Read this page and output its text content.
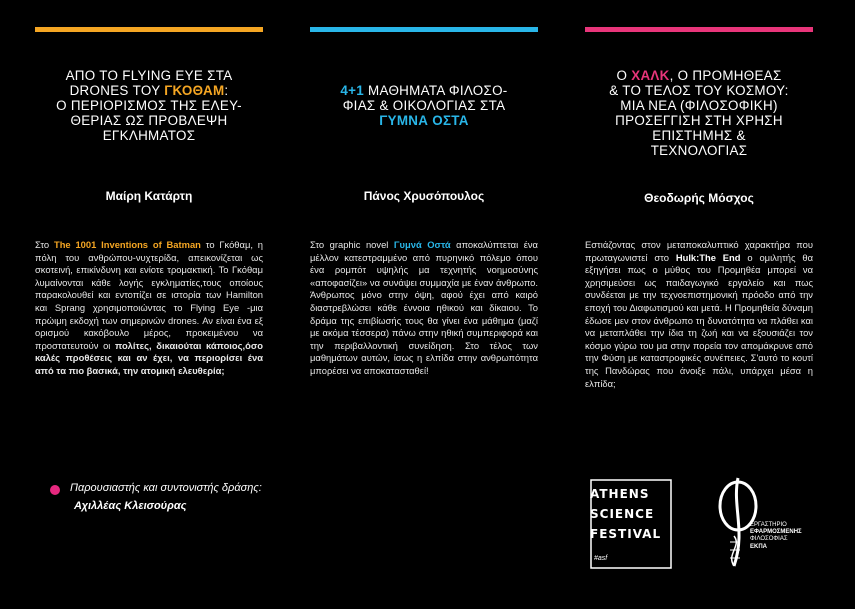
ΑΠΟ ΤΟ FLYING EYE ΣΤΑ
DRONES ΤΟΥ ΓΚΟΘΑΜ:
Ο ΠΕΡΙΟΡΙΣΜΟΣ ΤΗΣ ΕΛΕΥ-
ΘΕΡΙΑΣ ΩΣ ΠΡΟΒΛΕΨΗ
ΕΓΚΛΗΜΑΤΟΣ
Μαίρη Κατάρτη
Στο The 1001 Inventions of Batman το Γκόθαμ, η πόλη του ανθρώπου-νυχτερίδα, απεικονίζεται ως σκοτεινή, επικίνδυνη και ενίοτε τρομακτική. Το Γκόθαμ λυμαίνονται κάθε λογής εγκληματίες,τους οποίους παρακολουθεί και εντοπίζει σε ιστορία των Hamilton και Sprang χρησιμοποιώντας το Flying Eye -μια πρώιμη εκδοχή των σημερινών drones. Αν είναι ένα εξ ορισμού κακόβουλο μέρος, προκειμένου να προστατευτούν οι πολίτες, δικαιούται κάποιος,όσο καλές προθέσεις και αν έχει, να περιορίσει ένα από τα πιο βασικά, την ατομική ελευθερία;
4+1 ΜΑΘΗΜΑΤΑ ΦΙΛΟΣΟ-
ΦΙΑΣ & ΟΙΚΟΛΟΓΙΑΣ ΣΤΑ
ΓΥΜΝΑ ΟΣΤΑ
Πάνος Χρυσόπουλος
Στο graphic novel Γυμνά Οστά αποκαλύπτεται ένα μέλλον κατεστραμμένο από πυρηνικό πόλεμο όπου ένα ρομπότ υψηλής μα τεχνητής νοημοσύνης «αποφασίζει» να συνάψει συμμαχία με έναν άνθρωπο. Άνθρωπος μόνο στην όψη, αφού έχει από καιρό διαστρεβλώσει κάθε έννοια ηθικού και δίκαιου. Το δράμα της επιβίωσής τους θα γίνει ένα μάθημα (μαζί με ακόμα τέσσερα) πάνω στην ηθική συμπεριφορά και την περιβαλλοντική συνείδηση. Στο τέλος των μαθημάτων αυτών, ίσως η ελπίδα στην ανθρωπότητα μπορέσει να αποκατασταθεί!
Ο ΧΑΛΚ, Ο ΠΡΟΜΗΘΕΑΣ
& ΤΟ ΤΕΛΟΣ ΤΟΥ ΚΟΣΜΟΥ:
ΜΙΑ ΝΕΑ (ΦΙΛΟΣΟΦΙΚΗ)
ΠΡΟΣΕΓΓΙΣΗ ΣΤΗ ΧΡΗΣΗ
ΕΠΙΣΤΗΜΗΣ &
ΤΕΧΝΟΛΟΓΙΑΣ
Θεοδωρής Μόσχος
Εστιάζοντας στον μεταποκαλυπτικό χαρακτήρα που πρωταγωνιστεί στο Hulk:The End ο ομιλητής θα εξηγήσει πως ο μύθος του Προμηθέα μπορεί να χρησιμεύσει ως παιδαγωγικό εργαλείο και πως συνδέεται με την τεχνοεπιστημονική πρόοδο από την εποχή του Διαφωτισμού και μετά. Η Προμηθεία δύναμη έδωσε μεν στον άνθρωπο τη δυνατότητα να πλάθει και να μεταπλάθει την ίδια τη ζωή και να εξουσιάζει τον κόσμο γύρω του μα στην πορεία τον απομάκρυνε από την Φύση με καταστροφικές συνέπειες. Σ'αυτό το κουτί της Πανδώρας που άνοιξε πάλι, υπάρχει μέσα η ελπίδα;
Παρουσιαστής και συντονιστής δράσης:
Αχιλλέας Κλεισούρας
ATHENS
SCIENCE
FESTIVAL
#asf
ΕΡΓΑΣΤΗΡΙΟ
ΕΦΑΡΜΟΣΜΕΝΗΣ
ΦΙΛΟΣΟΦΙΑΣ
ΕΚΠΑ
